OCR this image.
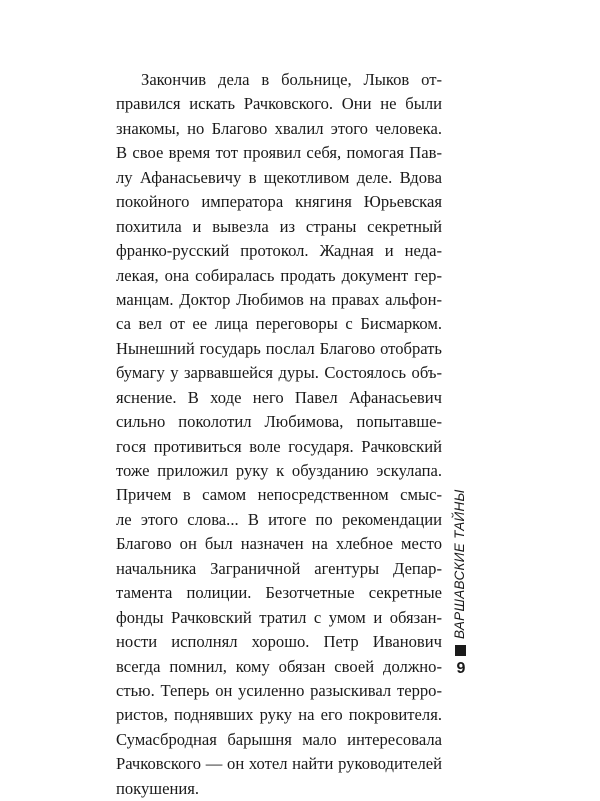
Закончив дела в больнице, Лыков от-
правился искать Рачковского. Они не были
знакомы, но Благово хвалил этого человека.
В свое время тот проявил себя, помогая Пав-
лу Афанасьевичу в щекотливом деле. Вдова
покойного императора княгиня Юрьевская
похитила и вывезла из страны секретный
франко-русский протокол. Жадная и неда-
лекая, она собиралась продать документ гер-
манцам. Доктор Любимов на правах альфон-
са вел от ее лица переговоры с Бисмарком.
Нынешний государь послал Благово отобрать
бумагу у зарвавшейся дуры. Состоялось объ-
яснение. В ходе него Павел Афанасьевич
сильно поколотил Любимова, попытавше-
гося противиться воле государя. Рачковский
тоже приложил руку к обузданию эскулапа.
Причем в самом непосредственном смыс-
ле этого слова... В итоге по рекомендации
Благово он был назначен на хлебное место
начальника Заграничной агентуры Депар-
тамента полиции. Безотчетные секретные
фонды Рачковский тратил с умом и обязан-
ности исполнял хорошо. Петр Иванович
всегда помнил, кому обязан своей должно-
стью. Теперь он усиленно разыскивал терро-
ристов, поднявших руку на его покровителя.
Сумасбродная барышня мало интересовала
Рачковского — он хотел найти руководителей
покушения.
ВАРШАВСКИЕ ТАЙНЫ
9
